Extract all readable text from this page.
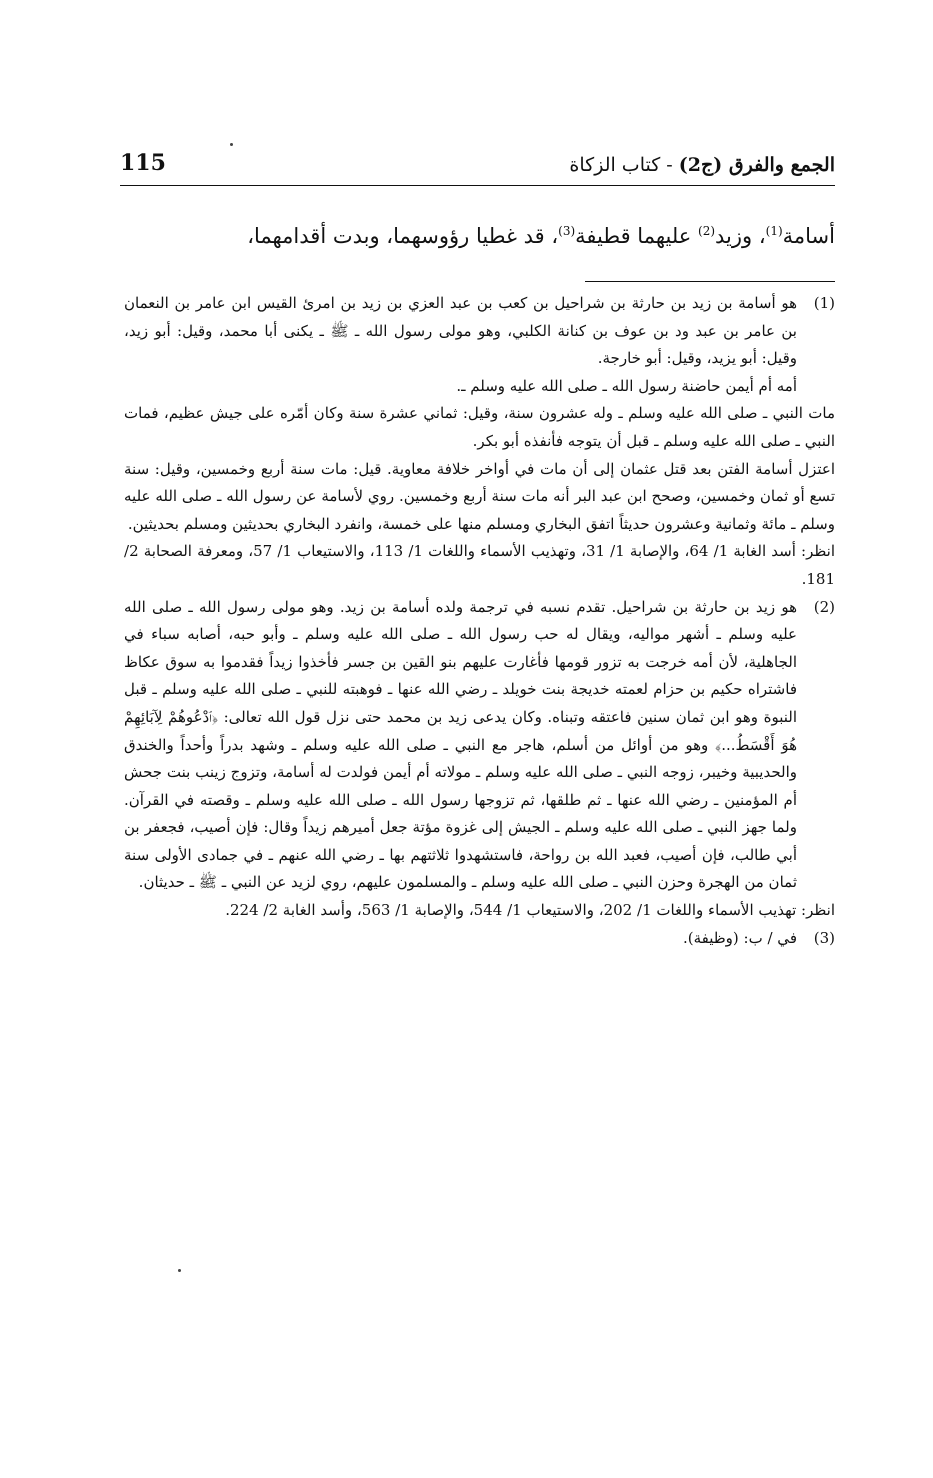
115	الجمع والفرق (ج2) - كتاب الزكاة
أسامة$^{(1)}$، وزيد$^{(2)}$ عليهما قطيفة$^{(3)}$، قد غطيا رؤوسهما، وبدت أقدامهما،
(1)

هو أسامة بن زيد بن حارثة بن شراحيل بن كعب بن عبد العزي بن زيد بن امرئ القيس ابن عامر بن النعمان بن عامر بن عبد ود بن عوف بن كنانة الكلبي، وهو مولى رسول الله ـ ﷺ ـ يكنى أبا محمد، وقيل: أبو زيد، وقيل: أبو يزيد، وقيل: أبو خارجة.

أمه أم أيمن حاضنة رسول الله ـ صلى الله عليه وسلم ـ.

مات النبي ـ صلى الله عليه وسلم ـ وله عشرون سنة، وقيل: ثماني عشرة سنة وكان أمّره على جيش عظيم، فمات النبي ـ صلى الله عليه وسلم ـ قبل أن يتوجه فأنفذه أبو بكر.

اعتزل أسامة الفتن بعد قتل عثمان إلى أن مات في أواخر خلافة معاوية. قيل: مات سنة أربع وخمسين، وقيل: سنة تسع أو ثمان وخمسين، وصحح ابن عبد البر أنه مات سنة أربع وخمسين. روي لأسامة عن رسول الله ـ صلى الله عليه وسلم ـ مائة وثمانية وعشرون حديثاً اتفق البخاري ومسلم منها على خمسة، وانفرد البخاري بحديثين ومسلم بحديثين.

انظر: أسد الغابة 1/ 64، والإصابة 1/ 31، وتهذيب الأسماء واللغات 1/ 113، والاستيعاب 1/ 57، ومعرفة الصحابة 2/ 181.

(2)

هو زيد بن حارثة بن شراحيل. تقدم نسبه في ترجمة ولده أسامة بن زيد. وهو مولى رسول الله ـ صلى الله عليه وسلم ـ أشهر مواليه، ويقال له حب رسول الله ـ صلى الله عليه وسلم ـ وأبو حبه، أصابه سباء في الجاهلية، لأن أمه خرجت به تزور قومها فأغارت عليهم بنو القين بن جسر فأخذوا زيداً فقدموا به سوق عكاظ فاشتراه حكيم بن حزام لعمته خديجة بنت خويلد ـ رضي الله عنها ـ فوهبته للنبي ـ صلى الله عليه وسلم ـ قبل النبوة وهو ابن ثمان سنين فاعتقه وتبناه. وكان يدعى زيد بن محمد حتى نزل قول الله تعالى: ﴿ٱدْعُوهُمْ لِآبَائِهِمْ هُوَ أَقْسَطُ...﴾ وهو من أوائل من أسلم، هاجر مع النبي ـ صلى الله عليه وسلم ـ وشهد بدراً وأحداً والخندق والحديبية وخيبر، زوجه النبي ـ صلى الله عليه وسلم ـ مولاته أم أيمن فولدت له أسامة، وتزوج زينب بنت جحش أم المؤمنين ـ رضي الله عنها ـ ثم طلقها، ثم تزوجها رسول الله ـ صلى الله عليه وسلم ـ وقصته في القرآن. ولما جهز النبي ـ صلى الله عليه وسلم ـ الجيش إلى غزوة مؤتة جعل أميرهم زيداً وقال: فإن أصيب، فجعفر بن أبي طالب، فإن أصيب، فعبد الله بن رواحة، فاستشهدوا ثلاثتهم بها ـ رضي الله عنهم ـ في جمادى الأولى سنة ثمان من الهجرة وحزن النبي ـ صلى الله عليه وسلم ـ والمسلمون عليهم، روي لزيد عن النبي ـ ﷺ ـ حديثان.

انظر: تهذيب الأسماء واللغات 1/ 202، والاستيعاب 1/ 544، والإصابة 1/ 563، وأسد الغابة 2/ 224.

(3)

في / ب: (وظيفة).
